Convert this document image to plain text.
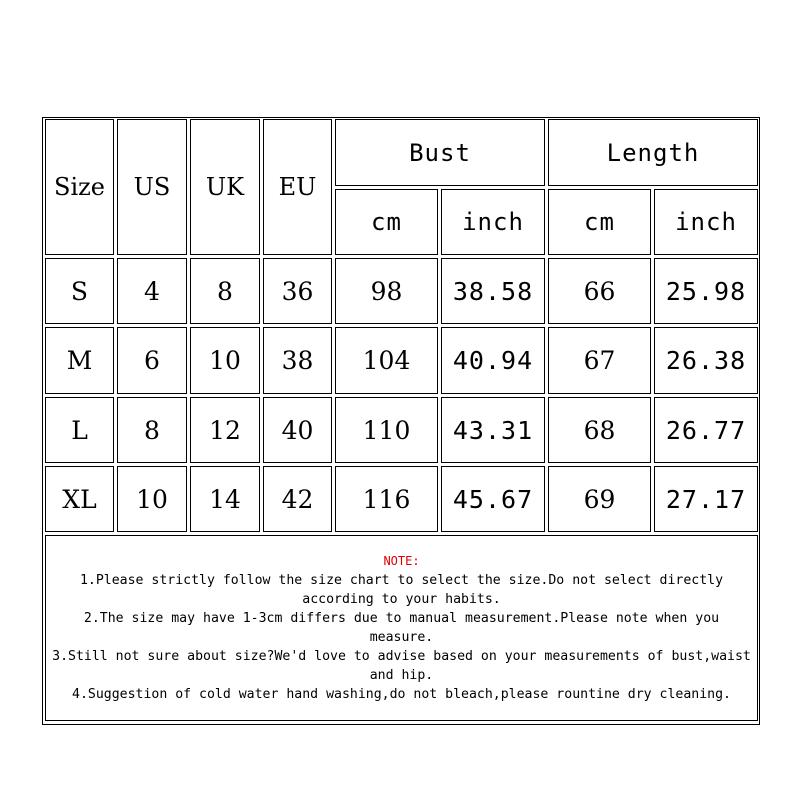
Size	US	UK	EU
Bust	Length
cm	inch	cm	inch
S	4	8	36	98	38.58	66	25.98
M	6	10	38	104	40.94	67	26.38
L	8	12	40	110	43.31	68	26.77
XL	10	14	42	116	45.67	69	27.17
NOTE:
1.Please strictly follow the size chart to select the size.Do not select directly according to your habits.
2.The size may have 1-3cm differs due to manual measurement.Please note when you measure.
3.Still not sure about size?We'd love to advise based on your measurements of bust,waist and hip.
4.Suggestion of cold water hand washing,do not bleach,please rountine dry cleaning.
